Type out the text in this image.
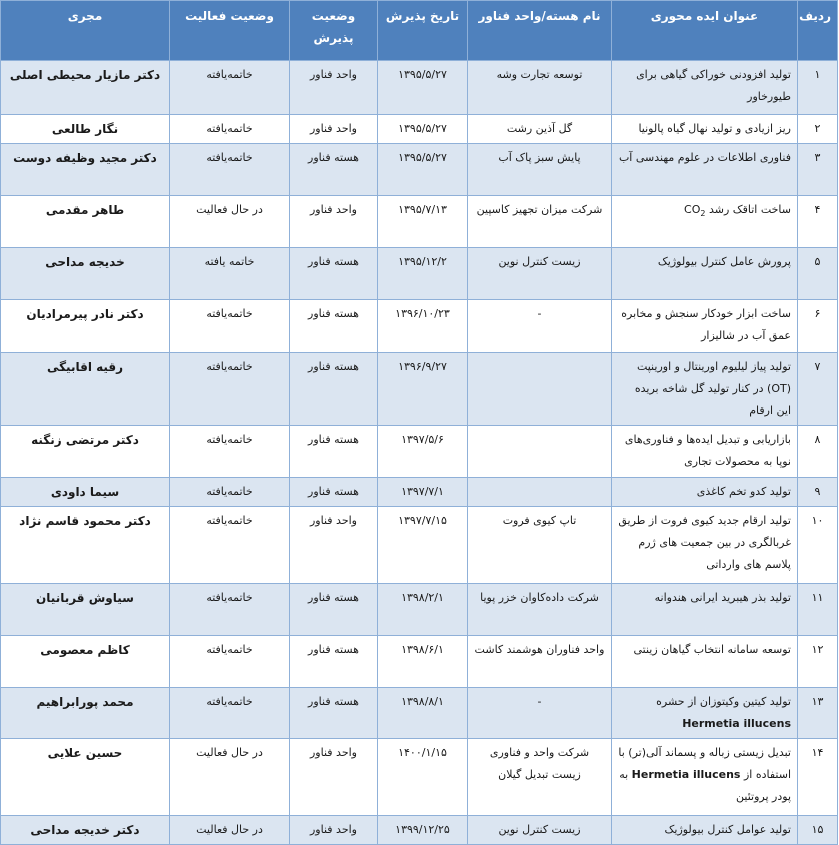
ردیف	عنوان ایده محوری	نام هسته/واحد فناور	تاریخ پذیرش	وضعیت پذیرش	وضعیت فعالیت	مجری
۱	تولید افزودنی خوراکی گیاهی برای طیورخاور	توسعه تجارت وشه	۱۳۹۵/۵/۲۷	واحد فناور	خاتمه‌یافته	دکتر مازیار محیطی اصلی
۲	ریز ازیادی و تولید نهال گیاه پالونیا	گل آذین رشت	۱۳۹۵/۵/۲۷	واحد فناور	خاتمه‌یافته	نگار طالعی
۳	فناوری اطلاعات در علوم مهندسی آب	پایش سبز پاک آب	۱۳۹۵/۵/۲۷	هسته فناور	خاتمه‌یافته	دکتر مجید وظیفه دوست
۴	ساخت اتاقک رشد $CO_2$	شرکت میزان تجهیز کاسپین	۱۳۹۵/۷/۱۳	واحد فناور	در حال فعالیت	طاهر مقدمی
۵	پرورش عامل کنترل بیولوژیک	زیست کنترل نوین	۱۳۹۵/۱۲/۲	هسته فناور	خاتمه یافته	خدیجه مداحی
۶	ساخت ابزار خودکار سنجش و مخابره عمق آب در شالیزار	-	۱۳۹۶/۱۰/۲۳	هسته فناور	خاتمه‌یافته	دکتر نادر پیرمرادیان
۷	تولید پیاز لیلیوم اورینتال و اورینپت (OT) در کنار تولید گل شاخه بریده این ارقام		۱۳۹۶/۹/۲۷	هسته فناور	خاتمه‌یافته	رقیه اقابیگی
۸	بازاریابی و تبدیل ایده‌ها و فناوری‌های نوپا به محصولات تجاری		۱۳۹۷/۵/۶	هسته فناور	خاتمه‌یافته	دکتر مرتضی زنگنه
۹	تولید کدو تخم کاغذی		۱۳۹۷/۷/۱	هسته فناور	خاتمه‌یافته	سیما داودی
۱۰	تولید ارقام جدید کیوی فروت از طریق غربالگری در بین جمعیت های ژرم پلاسم های وارداتی	تاپ کیوی فروت	۱۳۹۷/۷/۱۵	واحد فناور	خاتمه‌یافته	دکتر محمود قاسم نژاد
۱۱	تولید بذر هیبرید ایرانی هندوانه	شرکت داده‌کاوان خزر پویا	۱۳۹۸/۲/۱	هسته فناور	خاتمه‌یافته	سیاوش قربانیان
۱۲	توسعه سامانه انتخاب گیاهان زینتی	واحد فناوران هوشمند کاشت	۱۳۹۸/۶/۱	هسته فناور	خاتمه‌یافته	کاظم معصومی
۱۳	تولید کیتین وکیتوزان از حشره Hermetia illucens	-	۱۳۹۸/۸/۱	هسته فناور	خاتمه‌یافته	محمد پورابراهیم
۱۴	تبدیل زیستی زباله و پسماند آلی(تر) با استفاده از Hermetia illucens به پودر پروتئین	شرکت واحد و فناوری زیست تبدیل گیلان	۱۴۰۰/۱/۱۵	واحد فناور	در حال فعالیت	حسین علایی
۱۵	تولید عوامل کنترل بیولوژیک	زیست کنترل نوین	۱۳۹۹/۱۲/۲۵	واحد فناور	در حال فعالیت	دکتر خدیجه مداحی
